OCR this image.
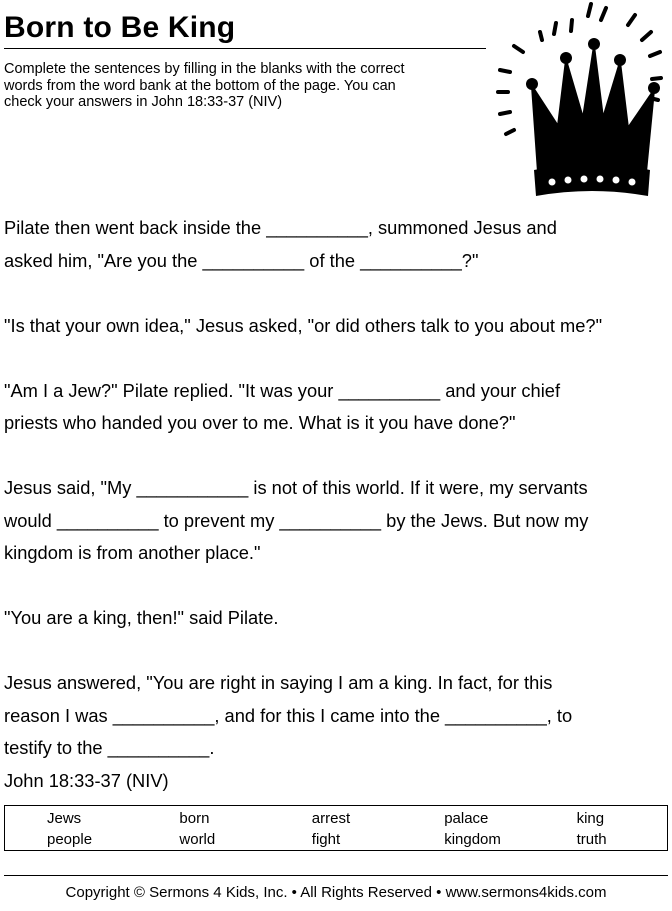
Born to Be King
Complete the sentences by filling in the blanks with the correct
words from the word bank at the bottom of the page. You can
check your answers in John 18:33-37 (NIV)

Pilate then went back inside the __________, summoned Jesus and
asked him, "Are you the __________ of the __________?"

"Is that your own idea," Jesus asked, "or did others talk to you about me?"

"Am I a Jew?" Pilate replied. "It was your __________ and your chief
priests who handed you over to me. What is it you have done?"

Jesus said, "My ___________ is not of this world. If it were, my servants
would __________ to prevent my __________ by the Jews. But now my
kingdom is from another place."

"You are a king, then!" said Pilate.

Jesus answered, "You are right in saying I am a king. In fact, for this
reason I was __________, and for this I came into the __________, to
testify to the __________.
John 18:33-37 (NIV)

Jews	born	arrest	palace	king
people	world	fight	kingdom	truth
Copyright © Sermons 4 Kids, Inc. • All Rights Reserved • www.sermons4kids.com
